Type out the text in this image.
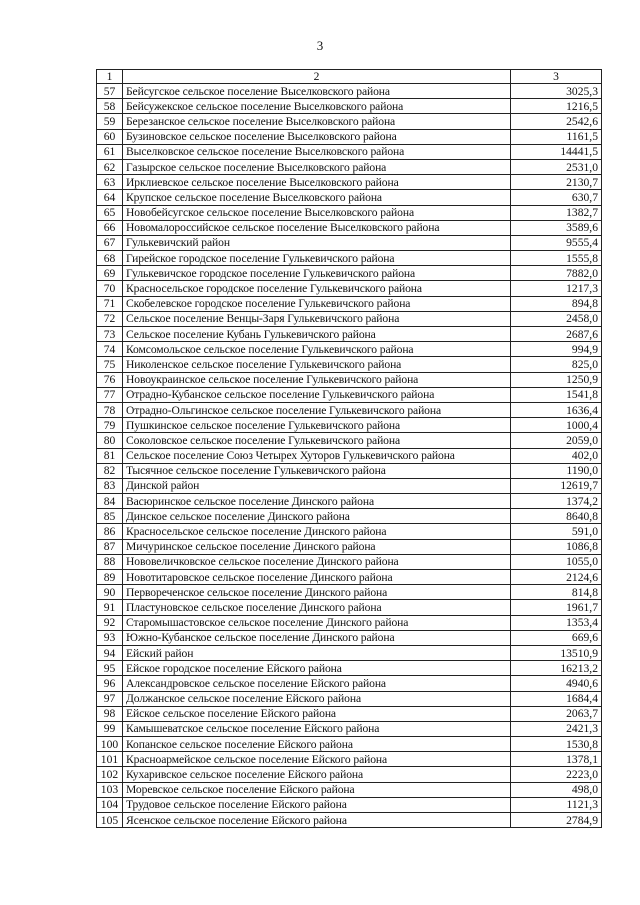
3
1	2	3
57	Бейсугское сельское поселение Выселковского района	3025,3
58	Бейсужекское сельское поселение Выселковского района	1216,5
59	Березанское сельское поселение Выселковского района	2542,6
60	Бузиновское сельское поселение Выселковского района	1161,5
61	Выселковское сельское поселение Выселковского района	14441,5
62	Газырское сельское поселение Выселковского района	2531,0
63	Ирклиевское сельское поселение Выселковского района	2130,7
64	Крупское сельское поселение Выселковского района	630,7
65	Новобейсугское сельское поселение Выселковского района	1382,7
66	Новомалороссийское сельское поселение Выселковского района	3589,6
67	Гулькевичский район	9555,4
68	Гирейское городское поселение Гулькевичского района	1555,8
69	Гулькевичское городское поселение Гулькевичского района	7882,0
70	Красносельское городское поселение Гулькевичского района	1217,3
71	Скобелевское городское поселение Гулькевичского района	894,8
72	Сельское поселение Венцы-Заря Гулькевичского района	2458,0
73	Сельское поселение Кубань Гулькевичского района	2687,6
74	Комсомольское сельское поселение Гулькевичского района	994,9
75	Николенское сельское поселение Гулькевичского района	825,0
76	Новоукраинское сельское поселение Гулькевичского района	1250,9
77	Отрадно-Кубанское сельское поселение Гулькевичского района	1541,8
78	Отрадно-Ольгинское сельское поселение Гулькевичского района	1636,4
79	Пушкинское сельское поселение Гулькевичского района	1000,4
80	Соколовское сельское поселение Гулькевичского района	2059,0
81	Сельское поселение Союз Четырех Хуторов Гулькевичского района	402,0
82	Тысячное сельское поселение Гулькевичского района	1190,0
83	Динской район	12619,7
84	Васюринское сельское поселение Динского района	1374,2
85	Динское сельское поселение Динского района	8640,8
86	Красносельское сельское поселение Динского района	591,0
87	Мичуринское сельское поселение Динского района	1086,8
88	Нововеличковское сельское поселение Динского района	1055,0
89	Новотитаровское сельское поселение Динского района	2124,6
90	Первореченское сельское поселение Динского района	814,8
91	Пластуновское сельское поселение Динского района	1961,7
92	Старомышастовское сельское поселение Динского района	1353,4
93	Южно-Кубанское сельское поселение Динского района	669,6
94	Ейский район	13510,9
95	Ейское городское поселение Ейского района	16213,2
96	Александровское сельское поселение Ейского района	4940,6
97	Должанское сельское поселение Ейского района	1684,4
98	Ейское сельское поселение Ейского района	2063,7
99	Камышеватское сельское поселение Ейского района	2421,3
100	Копанское сельское поселение Ейского района	1530,8
101	Красноармейское сельское поселение Ейского района	1378,1
102	Кухаривское сельское поселение Ейского района	2223,0
103	Моревское сельское поселение Ейского района	498,0
104	Трудовое сельское поселение Ейского района	1121,3
105	Ясенское сельское поселение Ейского района	2784,9
